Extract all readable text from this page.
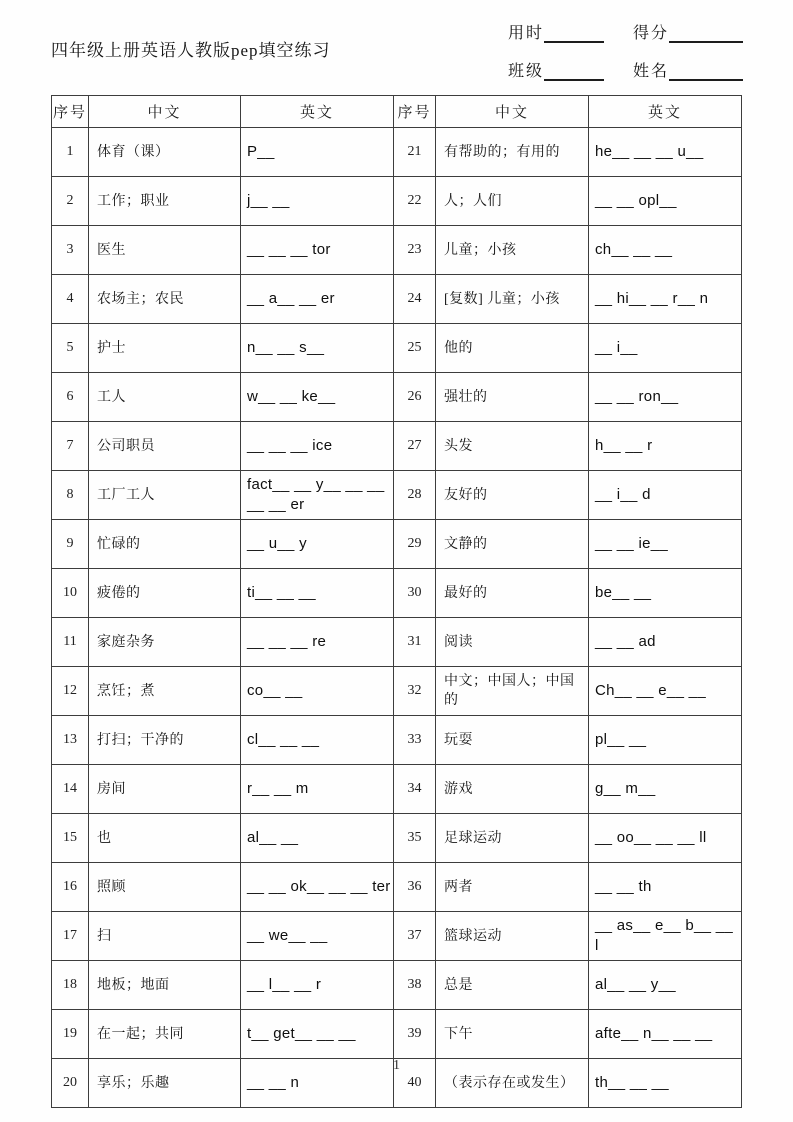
四年级上册英语人教版pep填空练习
用时	得分
班级	姓名
序号	中文	英文	序号	中文	英文
1	体育（课）	P__	21	有帮助的；有用的	he__ __ __ u__
2	工作；职业	j__ __	22	人；人们	__ __ opl__
3	医生	__ __ __ tor	23	儿童；小孩	ch__ __ __
4	农场主；农民	__ a__ __ er	24	[复数] 儿童；小孩	__ hi__ __ r__ n
5	护士	n__ __ s__	25	他的	__ i__
6	工人	w__ __ ke__	26	强壮的	__ __ ron__
7	公司职员	__ __ __ ice	27	头发	h__ __ r
8	工厂工人	fact__ __ y__ __ __ __ __ er	28	友好的	__ i__ d
9	忙碌的	__ u__ y	29	文静的	__ __ ie__
10	疲倦的	ti__ __ __	30	最好的	be__ __
11	家庭杂务	__ __ __ re	31	阅读	__ __ ad
12	烹饪；煮	co__ __	32	中文；中国人；中国的	Ch__ __ e__ __
13	打扫；干净的	cl__ __ __	33	玩耍	pl__ __
14	房间	r__ __ m	34	游戏	g__ m__
15	也	al__ __	35	足球运动	__ oo__ __ __ ll
16	照顾	__ __ ok__ __ __ ter	36	两者	__ __ th
17	扫	__ we__ __	37	篮球运动	__ as__ e__ b__ __ l
18	地板；地面	__ l__ __ r	38	总是	al__ __ y__
19	在一起；共同	t__ get__ __ __	39	下午	afte__ n__ __ __
20	享乐；乐趣	__ __ n	40	（表示存在或发生）	th__ __ __
1
